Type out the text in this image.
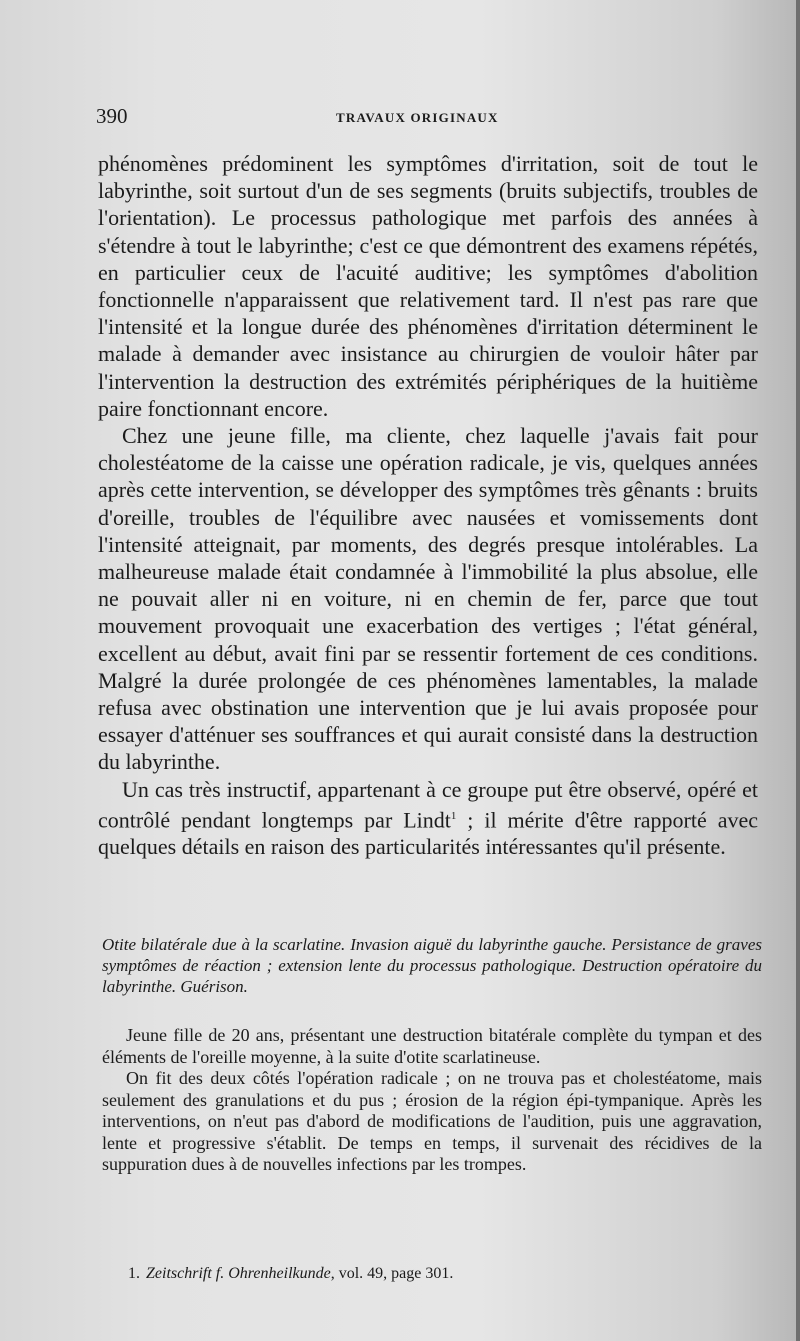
390	TRAVAUX ORIGINAUX

phénomènes prédominent les symptômes d'irritation, soit de tout le labyrinthe, soit surtout d'un de ses segments (bruits subjectifs, troubles de l'orientation). Le processus pathologique met parfois des années à s'étendre à tout le labyrinthe; c'est ce que démontrent des examens répétés, en particulier ceux de l'acuité auditive; les symptômes d'abolition fonctionnelle n'apparaissent que relativement tard. Il n'est pas rare que l'intensité et la longue durée des phénomènes d'irritation déterminent le malade à demander avec insistance au chirurgien de vouloir hâter par l'intervention la destruction des extrémités périphériques de la huitième paire fonctionnant encore.

Chez une jeune fille, ma cliente, chez laquelle j'avais fait pour cholestéatome de la caisse une opération radicale, je vis, quelques années après cette intervention, se développer des symptômes très gênants : bruits d'oreille, troubles de l'équilibre avec nausées et vomissements dont l'intensité atteignait, par moments, des degrés presque intolérables. La malheureuse malade était condamnée à l'immobilité la plus absolue, elle ne pouvait aller ni en voiture, ni en chemin de fer, parce que tout mouvement provoquait une exacerbation des vertiges ; l'état général, excellent au début, avait fini par se ressentir fortement de ces conditions. Malgré la durée prolongée de ces phénomènes lamentables, la malade refusa avec obstination une intervention que je lui avais proposée pour essayer d'atténuer ses souffrances et qui aurait consisté dans la destruction du labyrinthe.

Un cas très instructif, appartenant à ce groupe put être observé, opéré et contrôlé pendant longtemps par Lindt$^1$ ; il mérite d'être rapporté avec quelques détails en raison des particularités intéressantes qu'il présente.

Otite bilatérale due à la scarlatine. Invasion aiguë du labyrinthe gauche. Persistance de graves symptômes de réaction ; extension lente du processus pathologique. Destruction opératoire du labyrinthe. Guérison.

Jeune fille de 20 ans, présentant une destruction bitatérale complète du tympan et des éléments de l'oreille moyenne, à la suite d'otite scarlatineuse.

On fit des deux côtés l'opération radicale ; on ne trouva pas et cholestéatome, mais seulement des granulations et du pus ; érosion de la région épi-tympanique. Après les interventions, on n'eut pas d'abord de modifications de l'audition, puis une aggravation, lente et progressive s'établit. De temps en temps, il survenait des récidives de la suppuration dues à de nouvelles infections par les trompes.

1. Zeitschrift f. Ohrenheilkunde, vol. 49, page 301.
